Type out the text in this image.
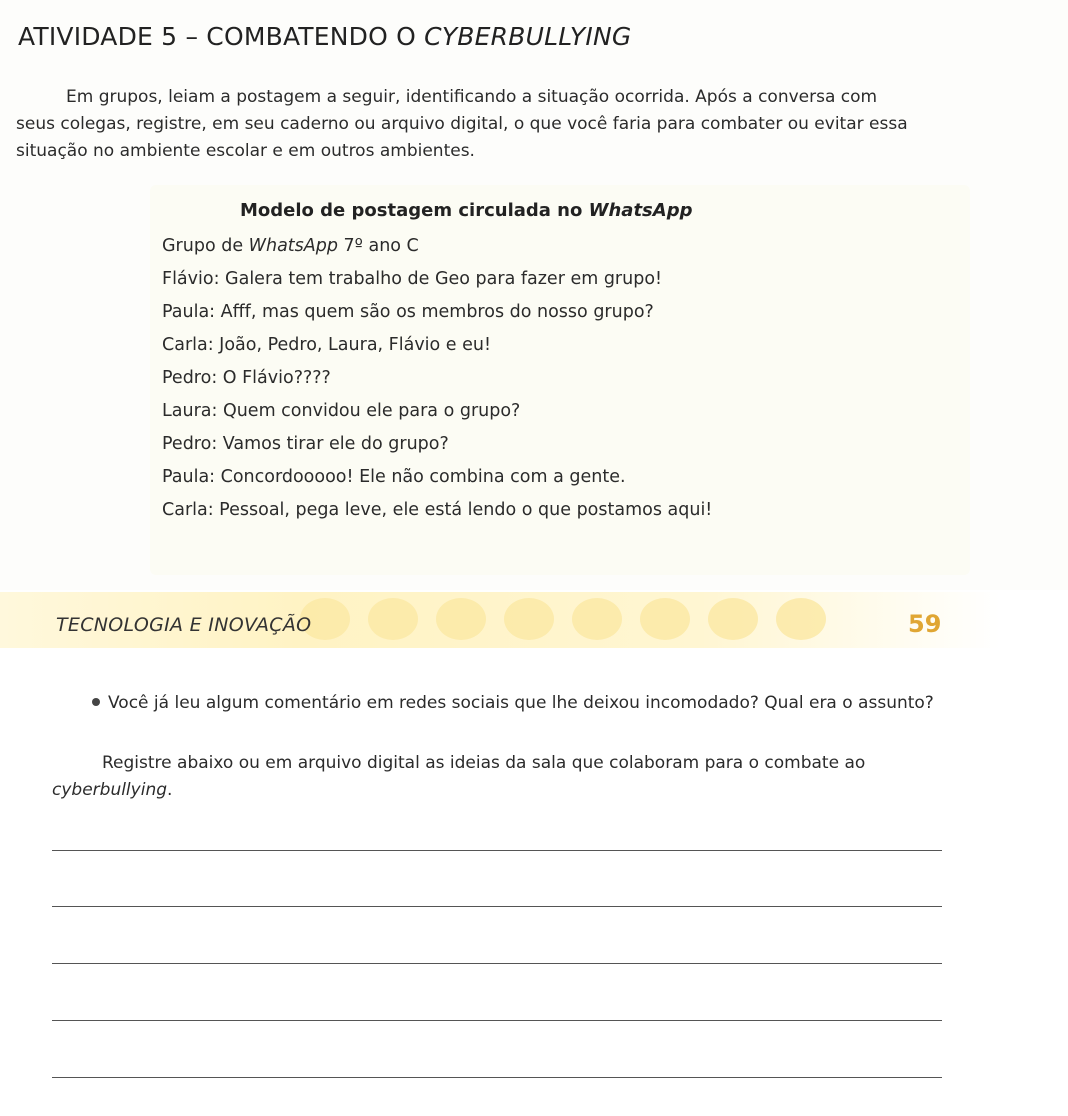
ATIVIDADE 5 – COMBATENDO O CYBERBULLYING

Em grupos, leiam a postagem a seguir, identificando a situação ocorrida. Após a conversa com seus colegas, registre, em seu caderno ou arquivo digital, o que você faria para combater ou evitar essa situação no ambiente escolar e em outros ambientes.

Modelo de postagem circulada no WhatsApp
Grupo de WhatsApp 7º ano C
Flávio: Galera tem trabalho de Geo para fazer em grupo!
Paula: Afff, mas quem são os membros do nosso grupo?
Carla: João, Pedro, Laura, Flávio e eu!
Pedro: O Flávio????
Laura: Quem convidou ele para o grupo?
Pedro: Vamos tirar ele do grupo?
Paula: Concordooooo! Ele não combina com a gente.
Carla: Pessoal, pega leve, ele está lendo o que postamos aqui!

TECNOLOGIA E INOVAÇÃO	59

Você já leu algum comentário em redes sociais que lhe deixou incomodado? Qual era o assunto?

Registre abaixo ou em arquivo digital as ideias da sala que colaboram para o combate ao cyberbullying.
